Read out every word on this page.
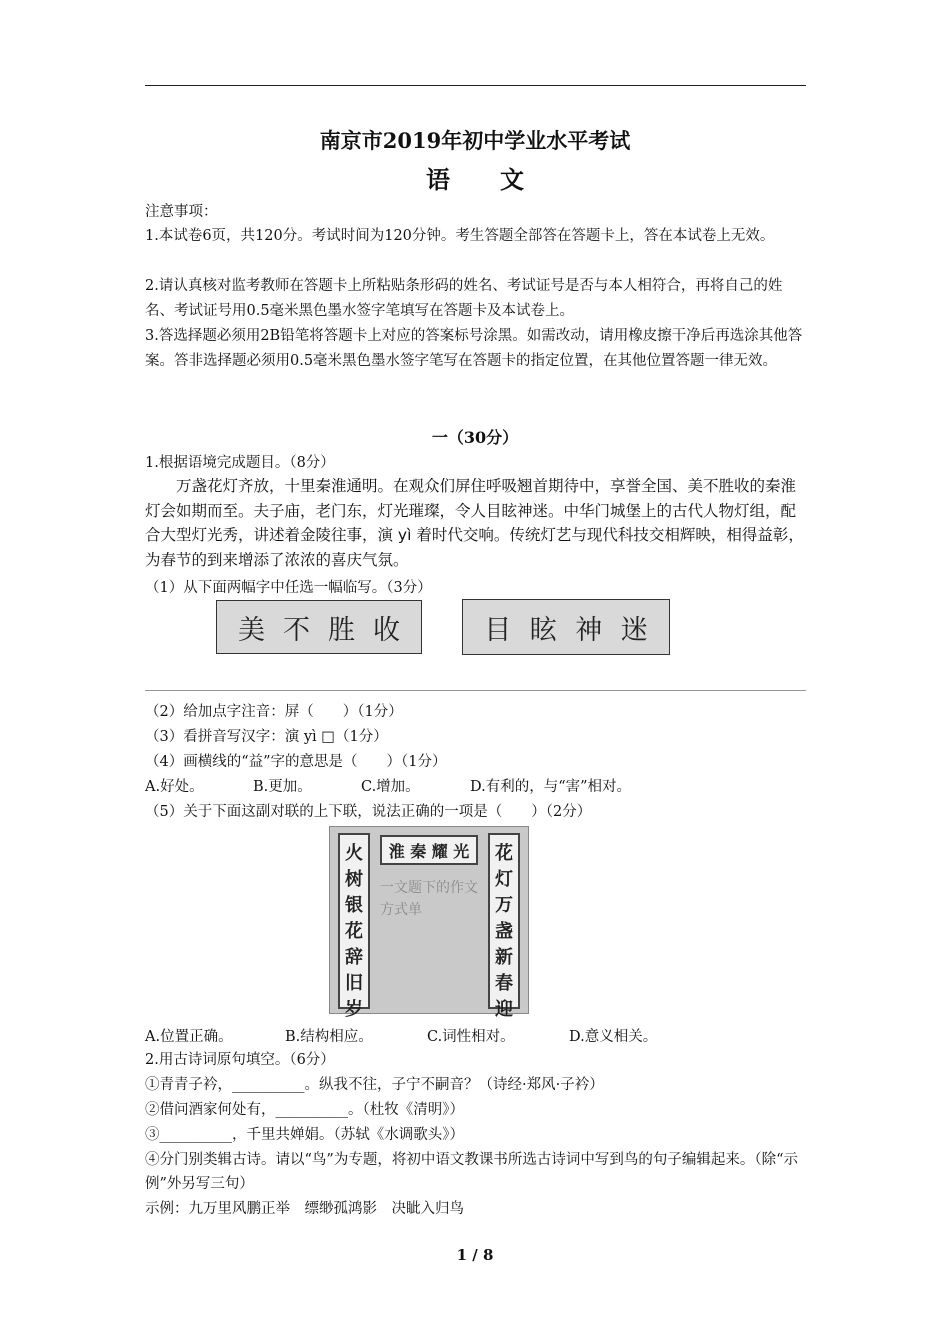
南京市2019年初中学业水平考试
语文

注意事项：

1.本试卷6页，共120分。考试时间为120分钟。考生答题全部答在答题卡上，答在本试卷上无效。

2.请认真核对监考教师在答题卡上所粘贴条形码的姓名、考试证号是否与本人相符合，再将自己的姓名、考试证号用0.5毫米黑色墨水签字笔填写在答题卡及本试卷上。

3.答选择题必须用2B铅笔将答题卡上对应的答案标号涂黑。如需改动，请用橡皮擦干净后再选涂其他答案。答非选择题必须用0.5毫米黑色墨水签字笔写在答题卡的指定位置，在其他位置答题一律无效。

一（30分）
1.根据语境完成题目。（8分）
万盏花灯齐放，十里秦淮通明。在观众们屏住呼吸翘首期待中，享誉全国、美不胜收的秦淮灯会如期而至。夫子庙，老门东，灯光璀璨，令人目眩神迷。中华门城堡上的古代人物灯组，配合大型灯光秀，讲述着金陵往事，演 yì 着时代交响。传统灯艺与现代科技交相辉映，相得益彰，为春节的到来增添了浓浓的喜庆气氛。
（1）从下面两幅字中任选一幅临写。（3分）
美 不 胜 收	目 眩 神 迷
（2）给加点字注音：屏（　　）（1分）
（3）看拼音写汉字：演 yì □（1分）
（4）画横线的“益”字的意思是（　　）（1分）
A.好处。	B.更加。	C.增加。	D.有利的，与“害”相对。
（5）关于下面这副对联的上下联，说法正确的一项是（　　）（2分）
一文题下的作文方式单
淮 秦 耀 光
火
树
银
花
辞
旧
岁
花
灯
万
盏
新
春
迎
A.位置正确。	B.结构相应。	C.词性相对。	D.意义相关。
2.用古诗词原句填空。（6分）
①青青子衿，__________。纵我不往，子宁不嗣音？（诗经·郑风·子衿）
②借问酒家何处有，__________。（杜牧《清明》）
③__________，千里共婵娟。（苏轼《水调歌头》）
④分门别类辑古诗。请以“鸟”为专题，将初中语文教课书所选古诗词中写到鸟的句子编辑起来。（除“示例”外另写三句）
示例：九万里风鹏正举　缥缈孤鸿影　决眦入归鸟
1 / 8
